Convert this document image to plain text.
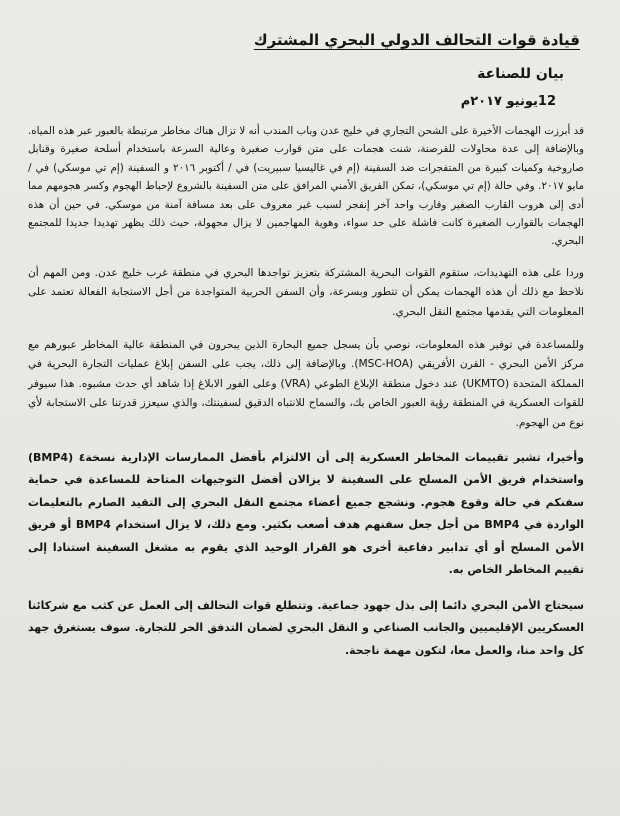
قيادة قوات التحالف الدولي البحري المشترك
بيان للصناعة
12يونيو ٢٠١٧م

قد أبرزت الهجمات الأخيرة على الشحن التجاري في خليج عدن وباب المندب أنه لا تزال هناك مخاطر مرتبطة بالعبور عبر هذه المياه. وبالإضافة إلى عدة محاولات للقرصنة، شنت هجمات على متن قوارب صغيرة وعالية السرعة باستخدام أسلحة صغيرة وقنابل صاروخية وكميات كبيرة من المتفجرات ضد السفينة (إم في غاليسيا سبيريت) في / أكتوبر ٢٠١٦ و السفينة (إم تي موسكي) في / مايو ٢٠١٧. وفي حالة (إم تي موسكي)، تمكن الفريق الأمني المرافق على متن السفينة بالشروع لإحباط الهجوم وكسر هجومهم مما أدى إلى هروب القارب الصغير وقارب واحد آخر إنفجر لسبب غير معروف على بعد مسافة آمنة من موسكي. في حين أن هذه الهجمات بالقوارب الصغيرة كانت فاشلة على حد سواء، وهوية المهاجمين لا يزال مجهولة، حيث ذلك يظهر تهديدا جديدا للمجتمع البحري.

وردا على هذه التهديدات، ستقوم القوات البحرية المشتركة بتعزيز تواجدها البحري في منطقة غرب خليج عدن. ومن المهم أن نلاحظ مع ذلك أن هذه الهجمات يمكن أن تتطور وبسرعة، وأن السفن الحربية المتواجدة من أجل الاستجابة الفعالة تعتمد على المعلومات التي يقدمها مجتمع النقل البحري.

وللمساعدة في توفير هذه المعلومات، نوصي بأن يسجل جميع البحارة الذين يبحرون في المنطقة عالية المخاطر عبورهم مع مركز الأمن البحري - القرن الأفريقي (MSC-HOA). وبالإضافة إلى ذلك، يجب على السفن إبلاغ عمليات التجارة البحرية في المملكة المتحدة (UKMTO) عند دخول منطقة الإبلاغ الطوعي (VRA) وعلى الفور الابلاغ إذا شاهد أي حدث مشبوه. هذا سيوفر للقوات العسكرية في المنطقة رؤية العبور الخاص بك، والسماح للانتباه الدقيق لسفينتك، والذي سيعزز قدرتنا على الاستجابة لأي نوع من الهجوم.

وأخيرا، تشير تقييمات المخاطر العسكرية إلى أن الالتزام بأفضل الممارسات الإدارية نسخة٤ (BMP4) واستخدام فريق الأمن المسلح على السفينة لا يزالان أفضل التوجيهات المتاحة للمساعدة في حماية سفنكم في حالة وقوع هجوم. ونشجع جميع أعضاء مجتمع النقل البحري إلى التقيد الصارم بالتعليمات الواردة في BMP4 من أجل جعل سفنهم هدف أصعب بكثير. ومع ذلك، لا يزال استخدام BMP4 أو فريق الأمن المسلح أو أي تدابير دفاعية أخرى هو القرار الوحيد الذي يقوم به مشغل السفينة استنادا إلى تقييم المخاطر الخاص به.

سيحتاج الأمن البحري دائما إلى بذل جهود جماعية. وتتطلع قوات التحالف إلى العمل عن كثب مع شركائنا العسكريين الإقليميين والجانب الصناعي و النقل البحري لضمان التدفق الحر للتجارة. سوف يستغرق جهد كل واحد منا، والعمل معا، لتكون مهمة ناجحة.
